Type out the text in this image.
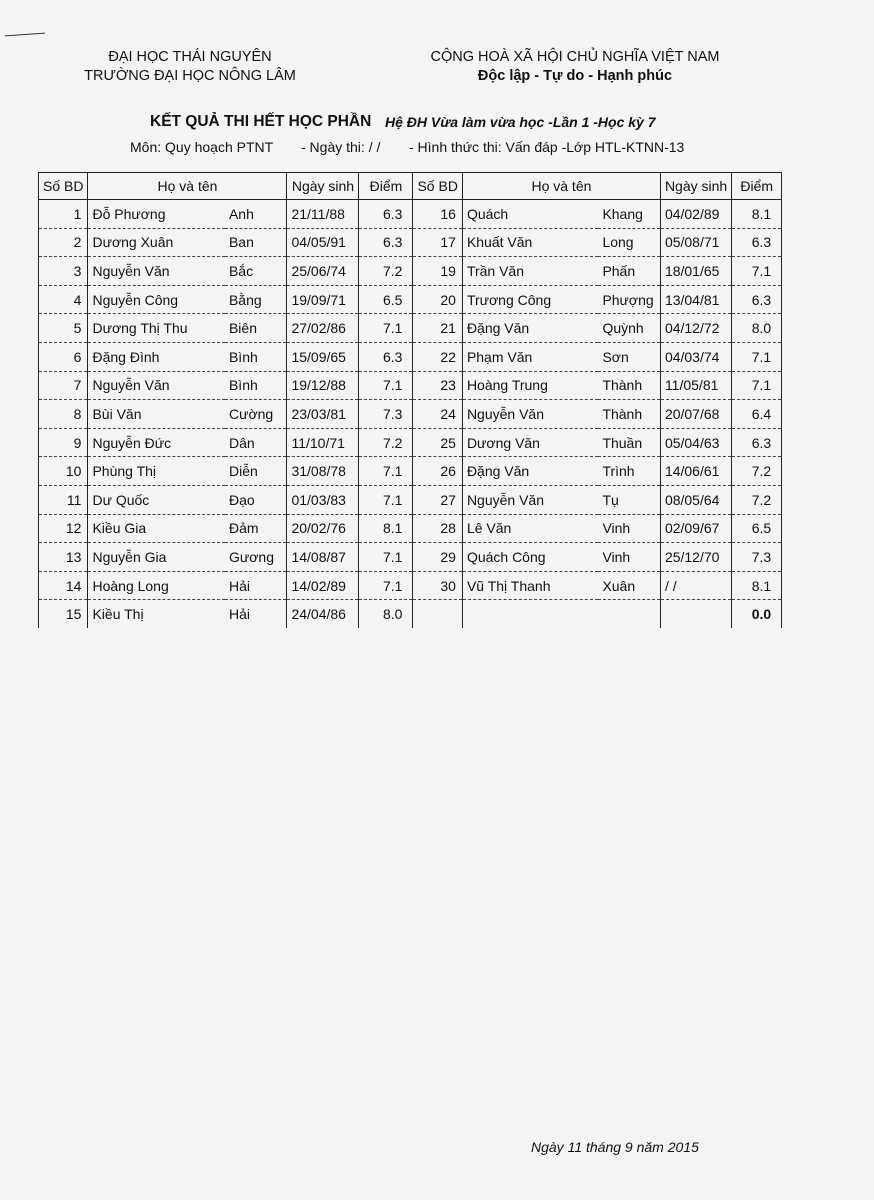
ĐẠI HỌC THÁI NGUYÊN
TRƯỜNG ĐẠI HỌC NÔNG LÂM
CỘNG HOÀ XÃ HỘI CHỦ NGHĨA VIỆT NAM
Độc lập - Tự do - Hạnh phúc
KẾT QUẢ THI HẾT HỌC PHẦN Hệ ĐH Vừa làm vừa học -Lần 1 -Học kỳ 7
Môn: Quy hoạch PTNT - Ngày thi: / / - Hình thức thi: Vấn đáp -Lớp HTL-KTNN-13
Số BD	Họ và tên		Ngày sinh	Điểm	Số BD	Họ và tên		Ngày sinh	Điểm
1	Đỗ Phương	Anh	21/11/88	6.3	16	Quách	Khang	04/02/89	8.1
2	Dương Xuân	Ban	04/05/91	6.3	17	Khuất Văn	Long	05/08/71	6.3
3	Nguyễn Văn	Bắc	25/06/74	7.2	19	Trần Văn	Phấn	18/01/65	7.1
4	Nguyễn Công	Bằng	19/09/71	6.5	20	Trương Công	Phượng	13/04/81	6.3
5	Dương Thị Thu	Biên	27/02/86	7.1	21	Đặng Văn	Quỳnh	04/12/72	8.0
6	Đặng Đình	Bình	15/09/65	6.3	22	Phạm Văn	Sơn	04/03/74	7.1
7	Nguyễn Văn	Bình	19/12/88	7.1	23	Hoàng Trung	Thành	11/05/81	7.1
8	Bùi Văn	Cường	23/03/81	7.3	24	Nguyễn Văn	Thành	20/07/68	6.4
9	Nguyễn Đức	Dân	11/10/71	7.2	25	Dương Văn	Thuần	05/04/63	6.3
10	Phùng Thị	Diễn	31/08/78	7.1	26	Đặng Văn	Trình	14/06/61	7.2
11	Dư Quốc	Đạo	01/03/83	7.1	27	Nguyễn Văn	Tụ	08/05/64	7.2
12	Kiều Gia	Đảm	20/02/76	8.1	28	Lê Văn	Vinh	02/09/67	6.5
13	Nguyễn Gia	Gương	14/08/87	7.1	29	Quách Công	Vinh	25/12/70	7.3
14	Hoàng Long	Hải	14/02/89	7.1	30	Vũ Thị Thanh	Xuân	/ /	8.1
15	Kiều Thị	Hải	24/04/86	8.0					0.0
Ngày 11 tháng 9 năm 2015
